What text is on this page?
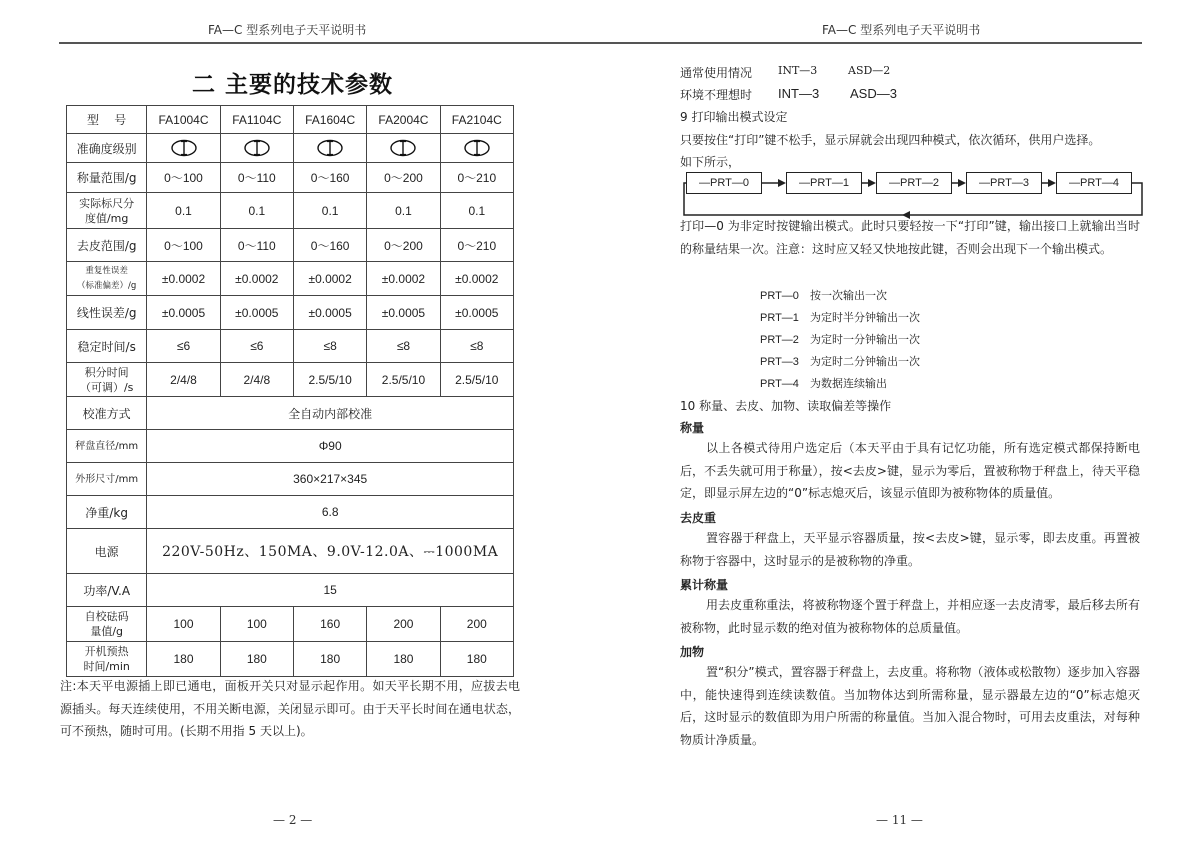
FA—C 型系列电子天平说明书	FA—C 型系列电子天平说明书
二 主要的技术参数
型    号	FA1004C	FA1104C	FA1604C	FA2004C	FA2104C
准确度级别					
称量范围/g	0～100	0～110	0～160	0～200	0～210

实际标尺分
度值/mg	0.1	0.1	0.1	0.1	0.1
去皮范围/g	0～100	0～110	0～160	0～200	0～210

重复性误差
（标准偏差）/g	±0.0002	±0.0002	±0.0002	±0.0002	±0.0002
线性误差/g	±0.0005	±0.0005	±0.0005	±0.0005	±0.0005
稳定时间/s	≤6	≤6	≤8	≤8	≤8

积分时间
（可调）/s	2/4/8	2/4/8	2.5/5/10	2.5/5/10	2.5/5/10
校准方式	全自动内部校准				
秤盘直径/mm	Φ90				
外形尺寸/mm	360×217×345				
净重/kg	6.8				
电源	220V-50Hz、150MA、9.0V-12.0A、⎓1000MA				
功率/V.A	15				

自校砝码
量值/g	100	100	160	200	200

开机预热
时间/min	180	180	180	180	180
注:本天平电源插上即已通电，面板开关只对显示起作用。如天平长期不用，应拔去电源插头。每天连续使用，不用关断电源，关闭显示即可。由于天平长时间在通电状态，可不预热，随时可用。(长期不用指 5 天以上)。
— 2 —
通常使用情况 INT—3	ASD—2
环境不理想时 INT—3 ASD—3
9 打印输出模式设定
只要按住“打印”键不松手，显示屏就会出现四种模式，依次循环，供用户选择。
如下所示，
—PRT—0	—PRT—1	—PRT—2	—PRT—3	—PRT—4
打印—0 为非定时按键输出模式。此时只要轻按一下“打印”键，输出接口上就输出当时的称量结果一次。注意：这时应又轻又快地按此键，否则会出现下一个输出模式。
PRT—0 按一次输出一次
PRT—1 为定时半分钟输出一次
PRT—2 为定时一分钟输出一次
PRT—3 为定时二分钟输出一次
PRT—4 为数据连续输出
10 称量、去皮、加物、读取偏差等操作
称量
以上各模式待用户选定后（本天平由于具有记忆功能，所有选定模式都保持断电后，不丢失就可用于称量），按<去皮>键，显示为零后，置被称物于秤盘上，待天平稳定，即显示屏左边的“0”标志熄灭后，该显示值即为被称物体的质量值。
去皮重
置容器于秤盘上，天平显示容器质量，按<去皮>键，显示零，即去皮重。再置被称物于容器中，这时显示的是被称物的净重。
累计称量
用去皮重称重法，将被称物逐个置于秤盘上，并相应逐一去皮清零，最后移去所有被称物，此时显示数的绝对值为被称物体的总质量值。
加物
置“积分”模式，置容器于秤盘上，去皮重。将称物（液体或松散物）逐步加入容器中，能快速得到连续读数值。当加物体达到所需称量，显示器最左边的“0”标志熄灭后，这时显示的数值即为用户所需的称量值。当加入混合物时，可用去皮重法，对每种物质计净质量。
— 11 —
